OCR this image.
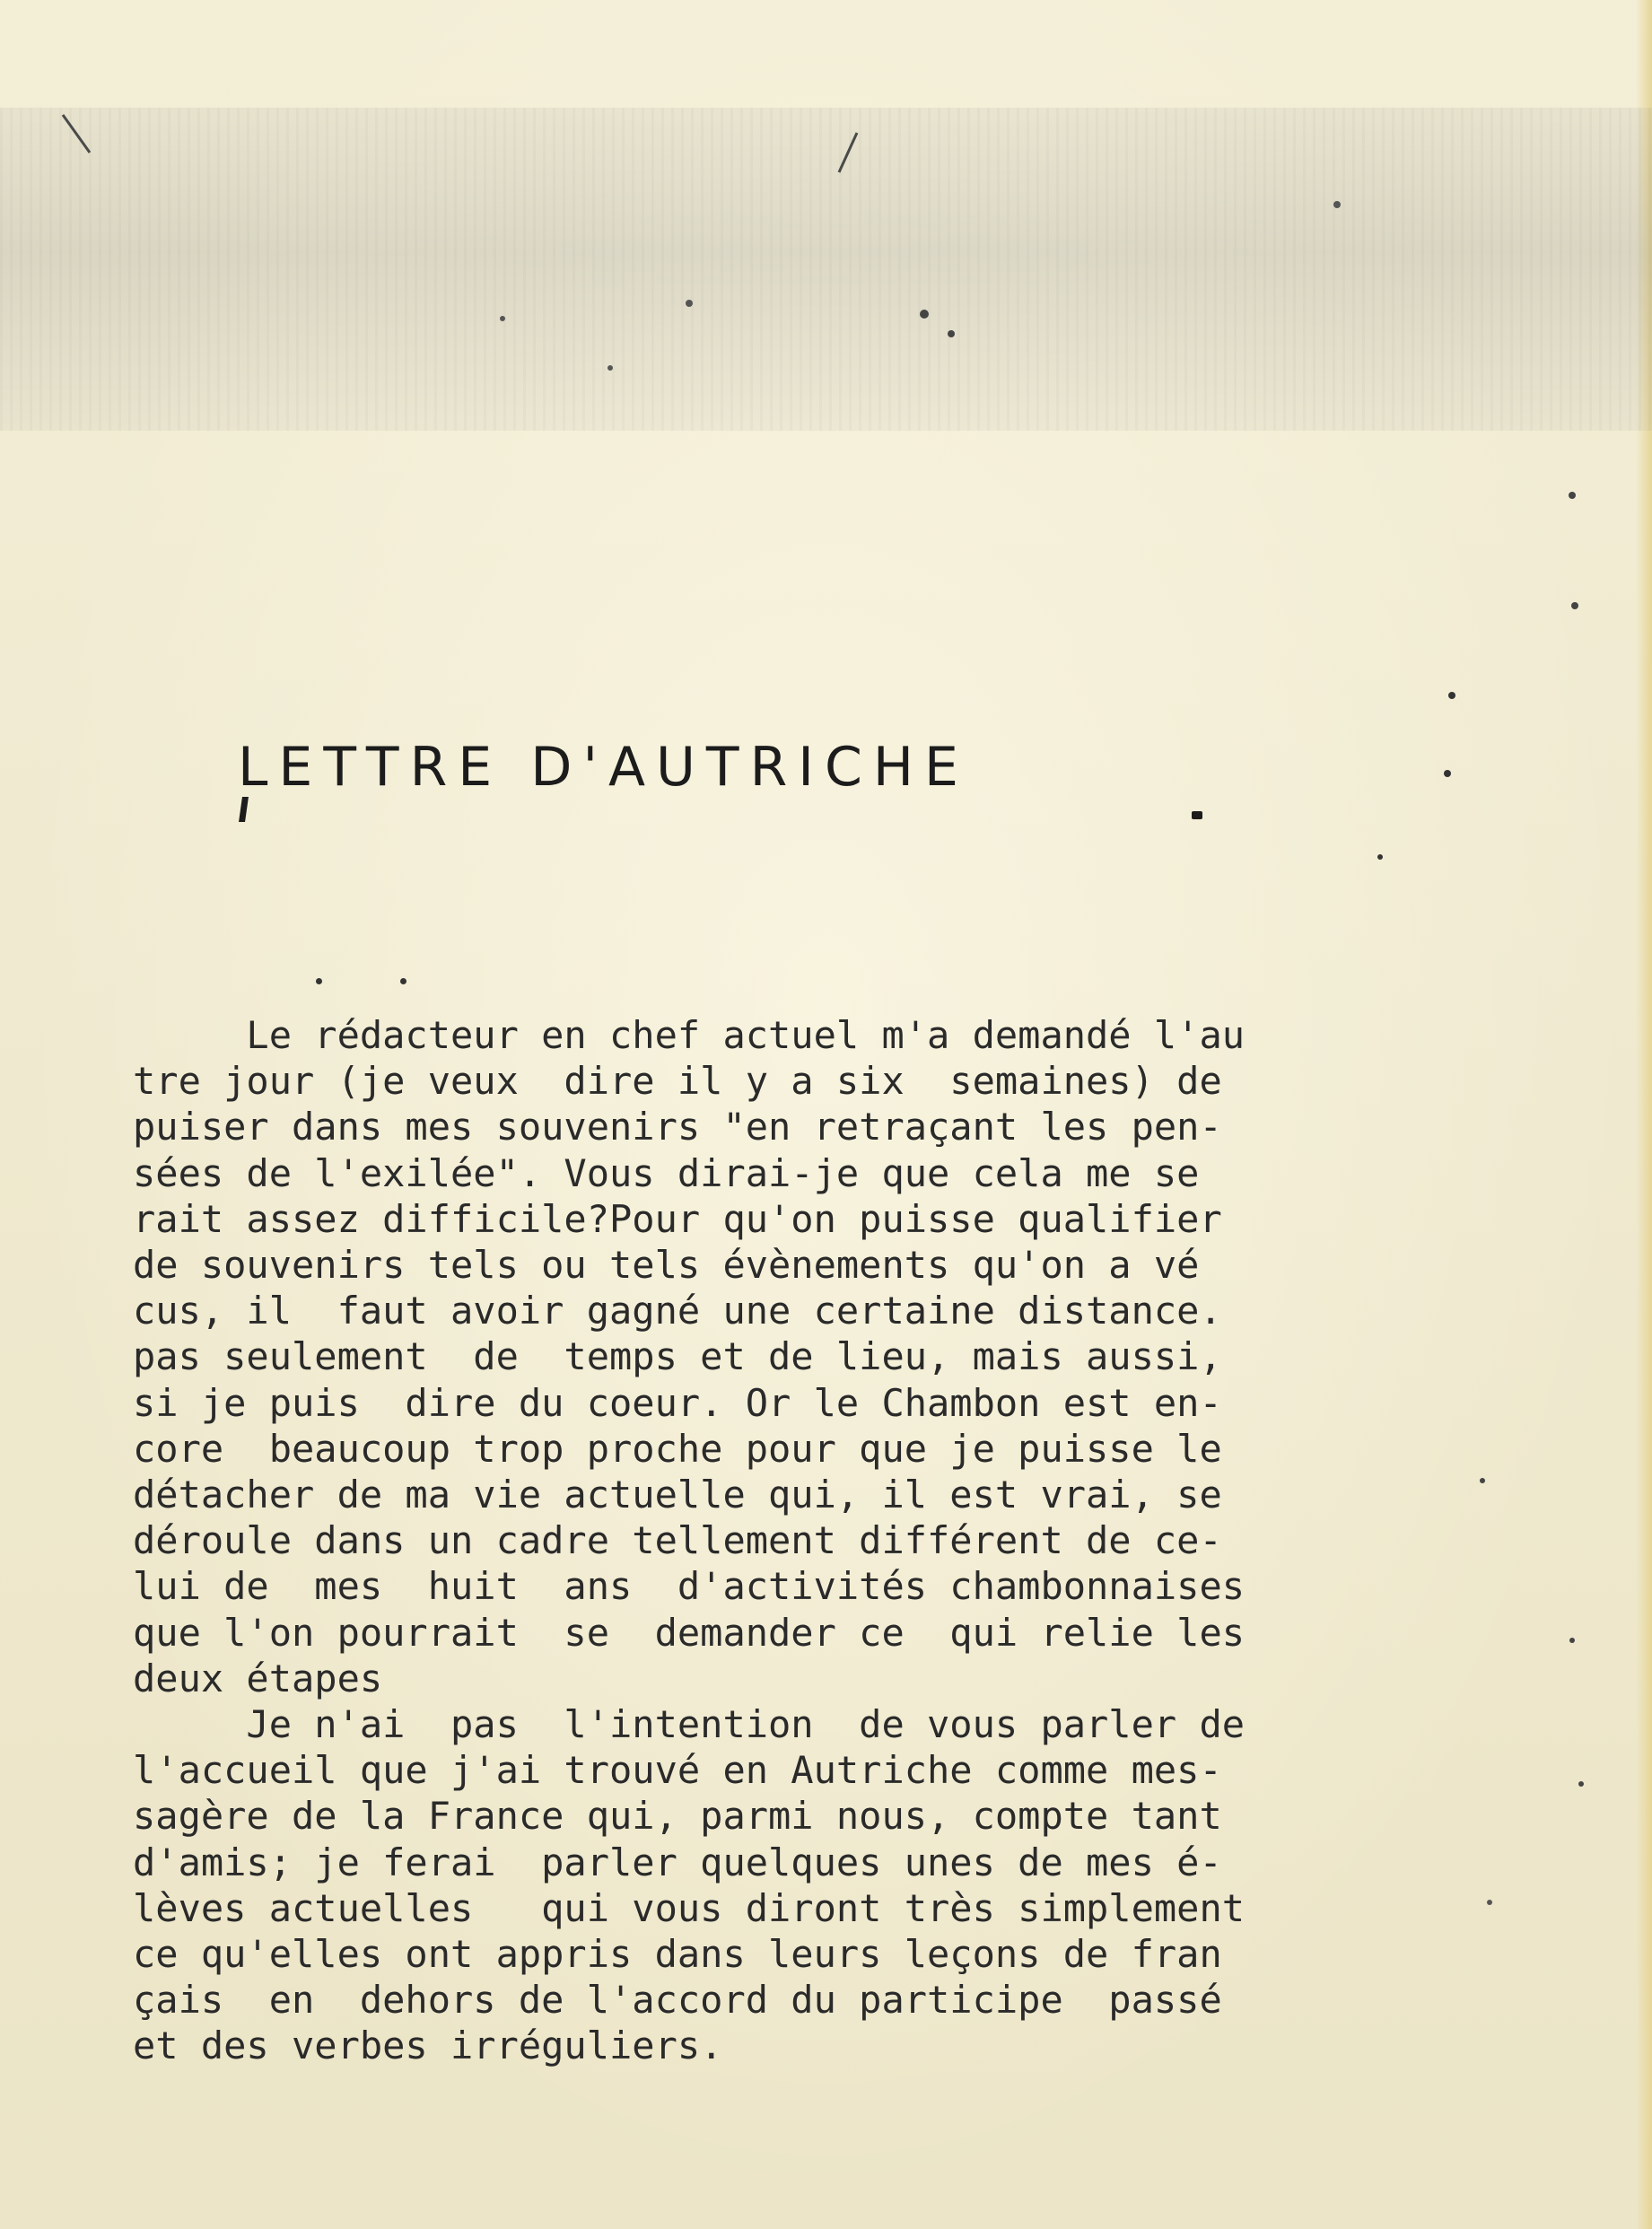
LETTRE D'AUTRICHE
Le rédacteur en chef actuel m'a demandé l'au
tre jour (je veux  dire il y a six  semaines) de
puiser dans mes souvenirs "en retraçant les pen-
sées de l'exilée". Vous dirai-je que cela me se
rait assez difficile?Pour qu'on puisse qualifier
de souvenirs tels ou tels évènements qu'on a vé
cus, il  faut avoir gagné une certaine distance.
pas seulement  de  temps et de lieu, mais aussi,
si je puis  dire du coeur. Or le Chambon est en-
core  beaucoup trop proche pour que je puisse le
détacher de ma vie actuelle qui, il est vrai, se
déroule dans un cadre tellement différent de ce-
lui de  mes  huit  ans  d'activités chambonnaises
que l'on pourrait  se  demander ce  qui relie les
deux étapes
Je n'ai  pas  l'intention  de vous parler de
l'accueil que j'ai trouvé en Autriche comme mes-
sagère de la France qui, parmi nous, compte tant
d'amis; je ferai  parler quelques unes de mes é-
lèves actuelles   qui vous diront très simplement
ce qu'elles ont appris dans leurs leçons de fran
çais  en  dehors de l'accord du participe  passé
et des verbes irréguliers.
